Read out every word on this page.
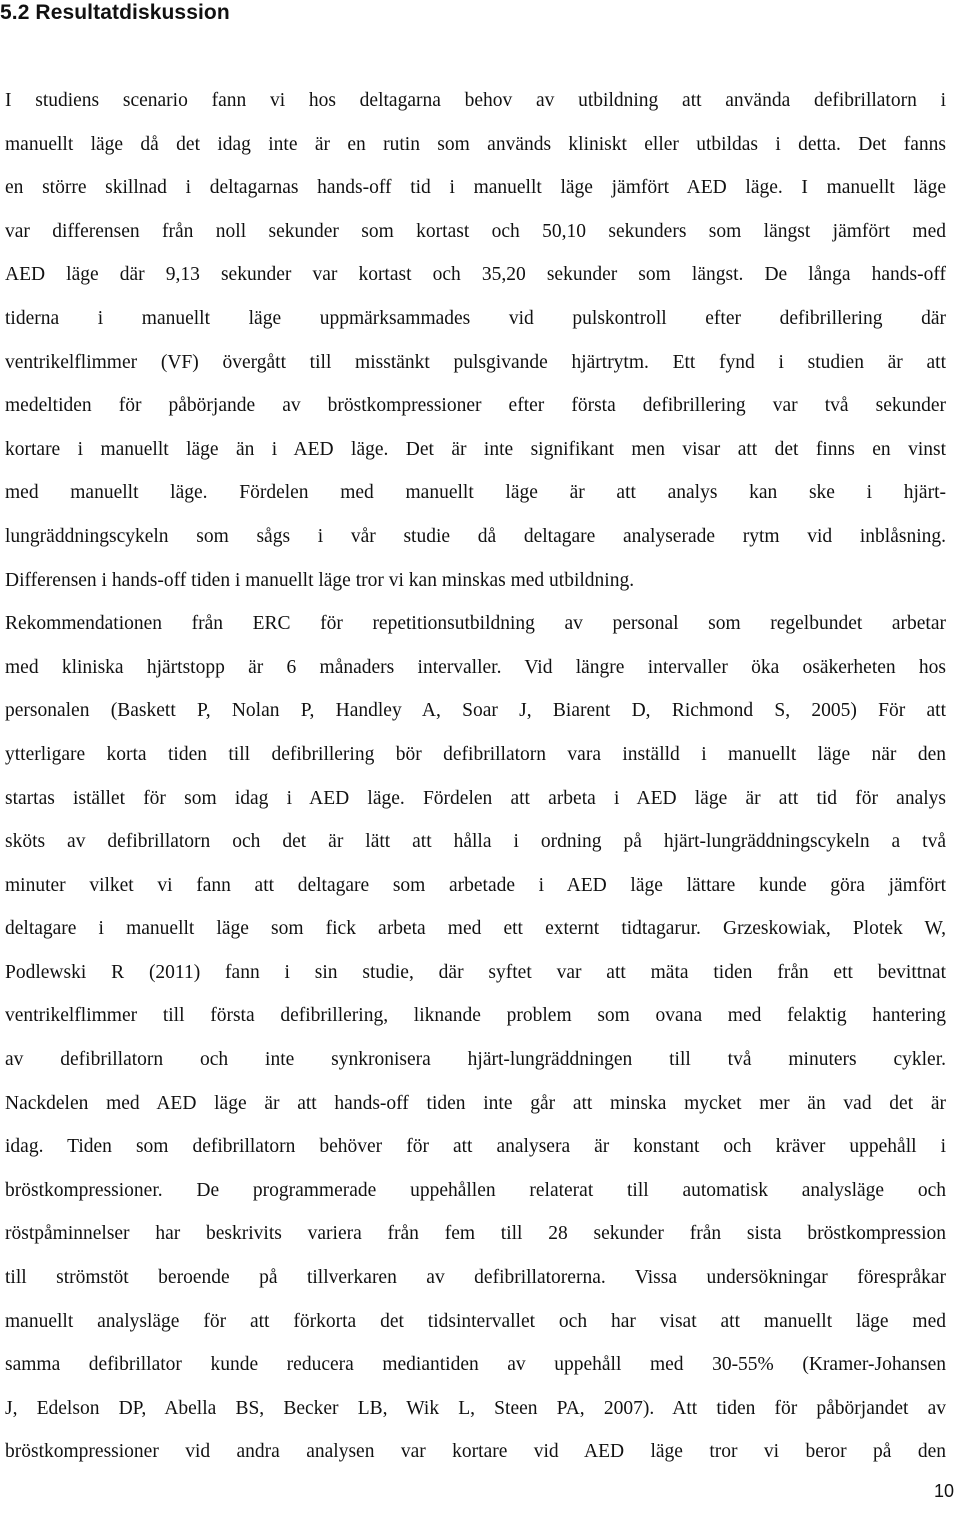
5.2 Resultatdiskussion
I studiens scenario fann vi hos deltagarna behov av utbildning att använda defibrillatorn i
manuellt läge då det idag inte är en rutin som används kliniskt eller utbildas i detta. Det fanns
en större skillnad i deltagarnas hands-off tid i manuellt läge jämfört AED läge. I manuellt läge
var differensen från noll sekunder som kortast och 50,10 sekunders som längst jämfört med
AED läge där 9,13 sekunder var kortast och 35,20 sekunder som längst. De långa hands-off
tiderna i manuellt läge uppmärksammades vid pulskontroll efter defibrillering där
ventrikelflimmer (VF) övergått till misstänkt pulsgivande hjärtrytm. Ett fynd i studien är att
medeltiden för påbörjande av bröstkompressioner efter första defibrillering var två sekunder
kortare i manuellt läge än i AED läge. Det är inte signifikant men visar att det finns en vinst
med manuellt läge. Fördelen med manuellt läge är att analys kan ske i hjärt-
lungräddningscykeln som sågs i vår studie då deltagare analyserade rytm vid inblåsning.
Differensen i hands-off tiden i manuellt läge tror vi kan minskas med utbildning.
Rekommendationen från ERC för repetitionsutbildning av personal som regelbundet arbetar
med kliniska hjärtstopp är 6 månaders intervaller. Vid längre intervaller öka osäkerheten hos
personalen (Baskett P, Nolan P, Handley A, Soar J, Biarent D, Richmond S, 2005) För att
ytterligare korta tiden till defibrillering bör defibrillatorn vara inställd i manuellt läge när den
startas istället för som idag i AED läge. Fördelen att arbeta i AED läge är att tid för analys
sköts av defibrillatorn och det är lätt att hålla i ordning på hjärt-lungräddningscykeln a två
minuter vilket vi fann att deltagare som arbetade i AED läge lättare kunde göra jämfört
deltagare i manuellt läge som fick arbeta med ett externt tidtagarur. Grzeskowiak, Plotek W,
Podlewski R (2011) fann i sin studie, där syftet var att mäta tiden från ett bevittnat
ventrikelflimmer till första defibrillering, liknande problem som ovana med felaktig hantering
av defibrillatorn och inte synkronisera hjärt-lungräddningen till två minuters cykler.
Nackdelen med AED läge är att hands-off tiden inte går att minska mycket mer än vad det är
idag. Tiden som defibrillatorn behöver för att analysera är konstant och kräver uppehåll i
bröstkompressioner. De programmerade uppehållen relaterat till automatisk analysläge och
röstpåminnelser har beskrivits variera från fem till 28 sekunder från sista bröstkompression
till strömstöt beroende på tillverkaren av defibrillatorerna. Vissa undersökningar förespråkar
manuellt analysläge för att förkorta det tidsintervallet och har visat att manuellt läge med
samma defibrillator kunde reducera mediantiden av uppehåll med 30-55% (Kramer-Johansen
J, Edelson DP, Abella BS, Becker LB, Wik L, Steen PA, 2007). Att tiden för påbörjandet av
bröstkompressioner vid andra analysen var kortare vid AED läge tror vi beror på den
10
